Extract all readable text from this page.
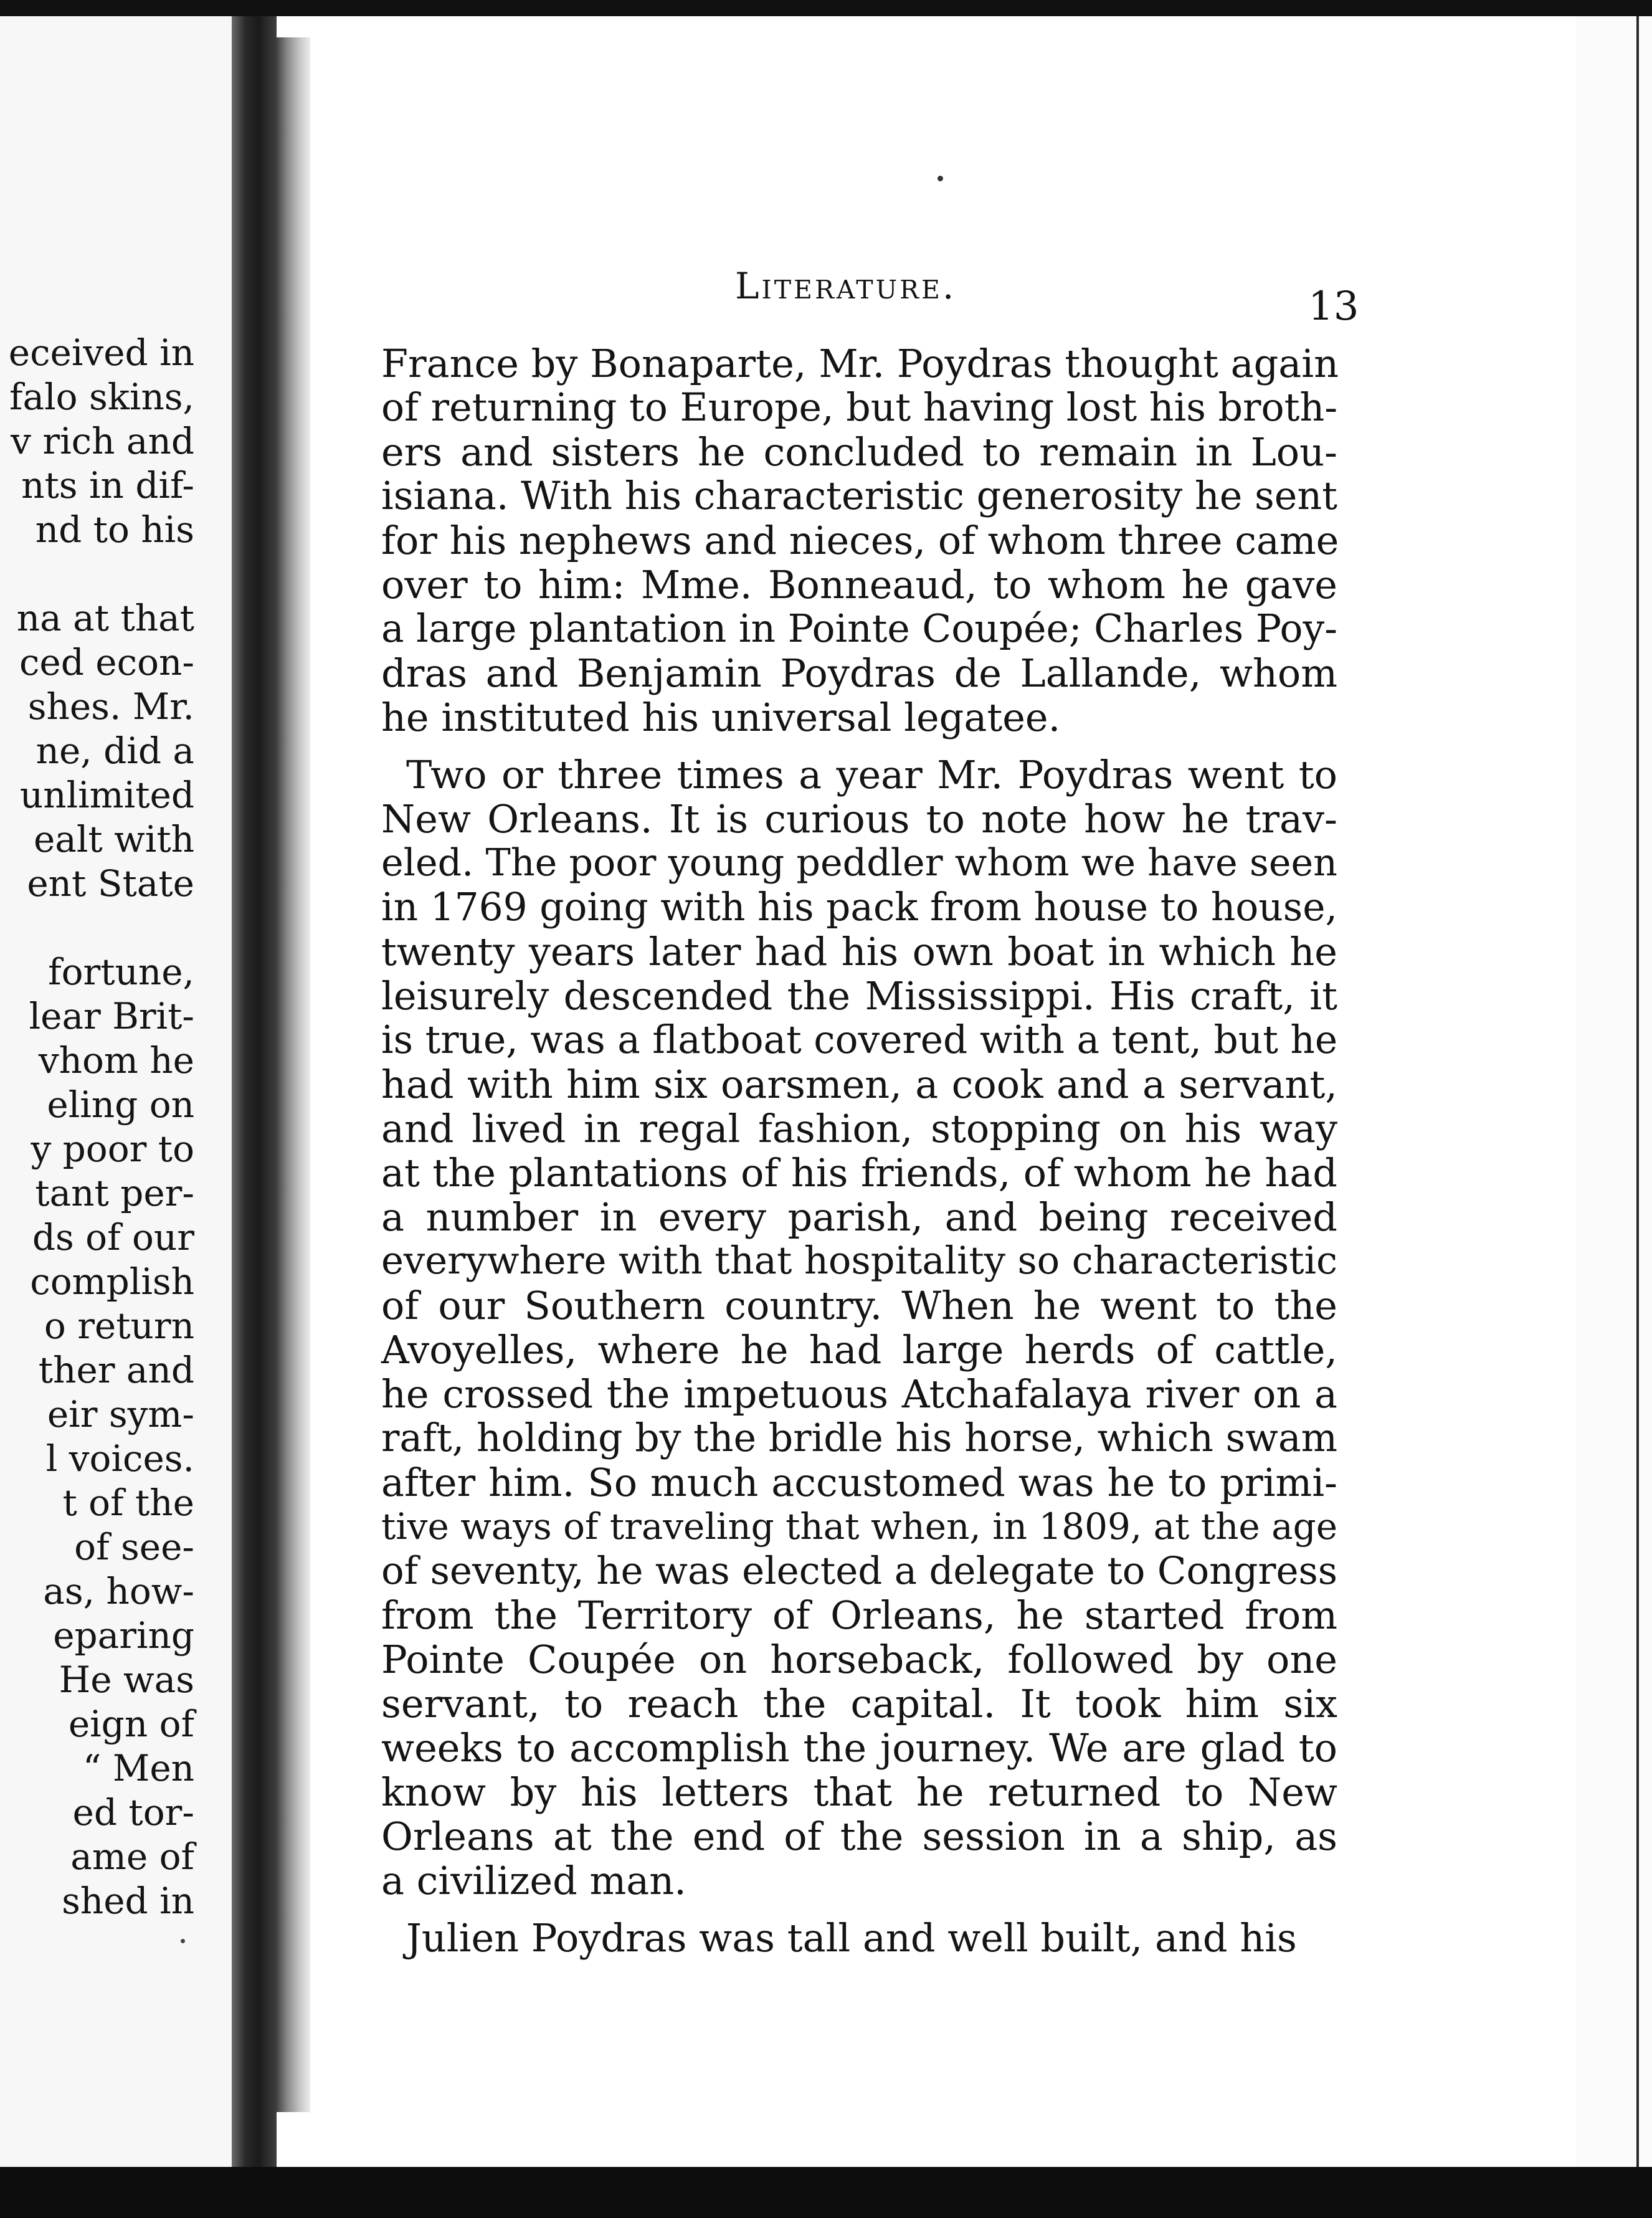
eceived in
falo skins,
v rich and
nts in dif-
nd to his
na at that
ced econ-
shes. Mr.
ne, did a
unlimited
ealt with
ent State
fortune,
lear Brit-
vhom he
eling on
y poor to
tant per-
ds of our
complish
o return
ther and
eir sym-
l voices.
t of the
of see-
as, how-
eparing
He was
eign of
“ Men
ed tor-
ame of
shed in
Literature.	13
France by Bonaparte, Mr. Poydras thought again
of returning to Europe, but having lost his broth-
ers and sisters he concluded to remain in Lou-
isiana. With his characteristic generosity he sent
for his nephews and nieces, of whom three came
over to him: Mme. Bonneaud, to whom he gave
a large plantation in Pointe Coupée; Charles Poy-
dras and Benjamin Poydras de Lallande, whom
he instituted his universal legatee.
Two or three times a year Mr. Poydras went to
New Orleans. It is curious to note how he trav-
eled. The poor young peddler whom we have seen
in 1769 going with his pack from house to house,
twenty years later had his own boat in which he
leisurely descended the Mississippi. His craft, it
is true, was a flatboat covered with a tent, but he
had with him six oarsmen, a cook and a servant,
and lived in regal fashion, stopping on his way
at the plantations of his friends, of whom he had
a number in every parish, and being received
everywhere with that hospitality so characteristic
of our Southern country. When he went to the
Avoyelles, where he had large herds of cattle,
he crossed the impetuous Atchafalaya river on a
raft, holding by the bridle his horse, which swam
after him. So much accustomed was he to primi-
tive ways of traveling that when, in 1809, at the age
of seventy, he was elected a delegate to Congress
from the Territory of Orleans, he started from
Pointe Coupée on horseback, followed by one
servant, to reach the capital. It took him six
weeks to accomplish the journey. We are glad to
know by his letters that he returned to New
Orleans at the end of the session in a ship, as
a civilized man.
Julien Poydras was tall and well built, and his
